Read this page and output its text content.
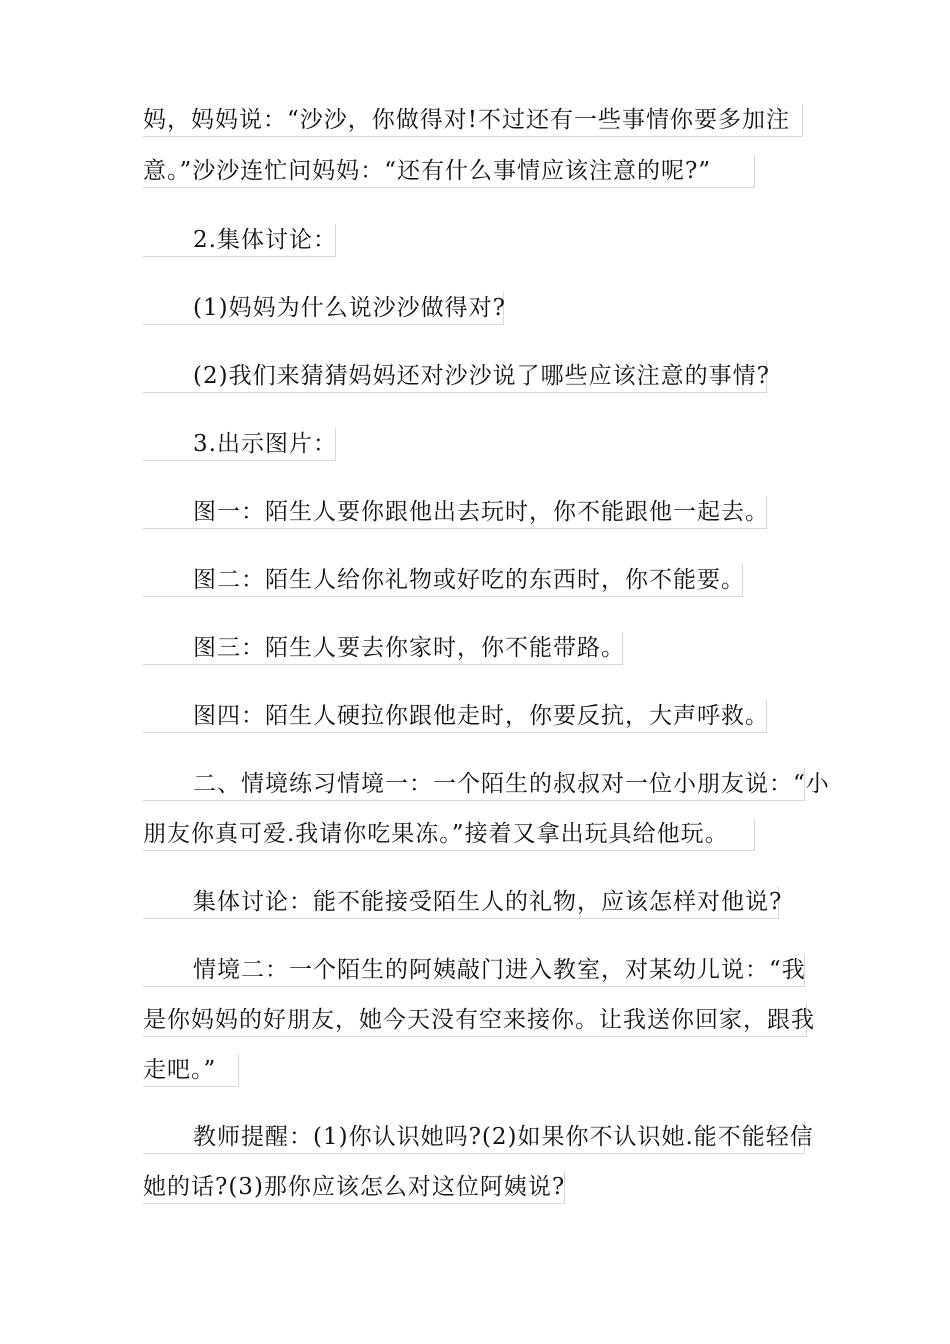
妈，妈妈说：“沙沙，你做得对!不过还有一些事情你要多加注
意。”沙沙连忙问妈妈：“还有什么事情应该注意的呢?”
2.集体讨论：
(1)妈妈为什么说沙沙做得对?
(2)我们来猜猜妈妈还对沙沙说了哪些应该注意的事情?
3.出示图片：
图一：陌生人要你跟他出去玩时，你不能跟他一起去。
图二：陌生人给你礼物或好吃的东西时，你不能要。
图三：陌生人要去你家时，你不能带路。
图四：陌生人硬拉你跟他走时，你要反抗，大声呼救。
二、情境练习情境一：一个陌生的叔叔对一位小朋友说：“小
朋友你真可爱.我请你吃果冻。”接着又拿出玩具给他玩。
集体讨论：能不能接受陌生人的礼物，应该怎样对他说?
情境二：一个陌生的阿姨敲门进入教室，对某幼儿说：“我
是你妈妈的好朋友，她今天没有空来接你。让我送你回家，跟我
走吧。”
教师提醒：(1)你认识她吗?(2)如果你不认识她.能不能轻信
她的话?(3)那你应该怎么对这位阿姨说?
